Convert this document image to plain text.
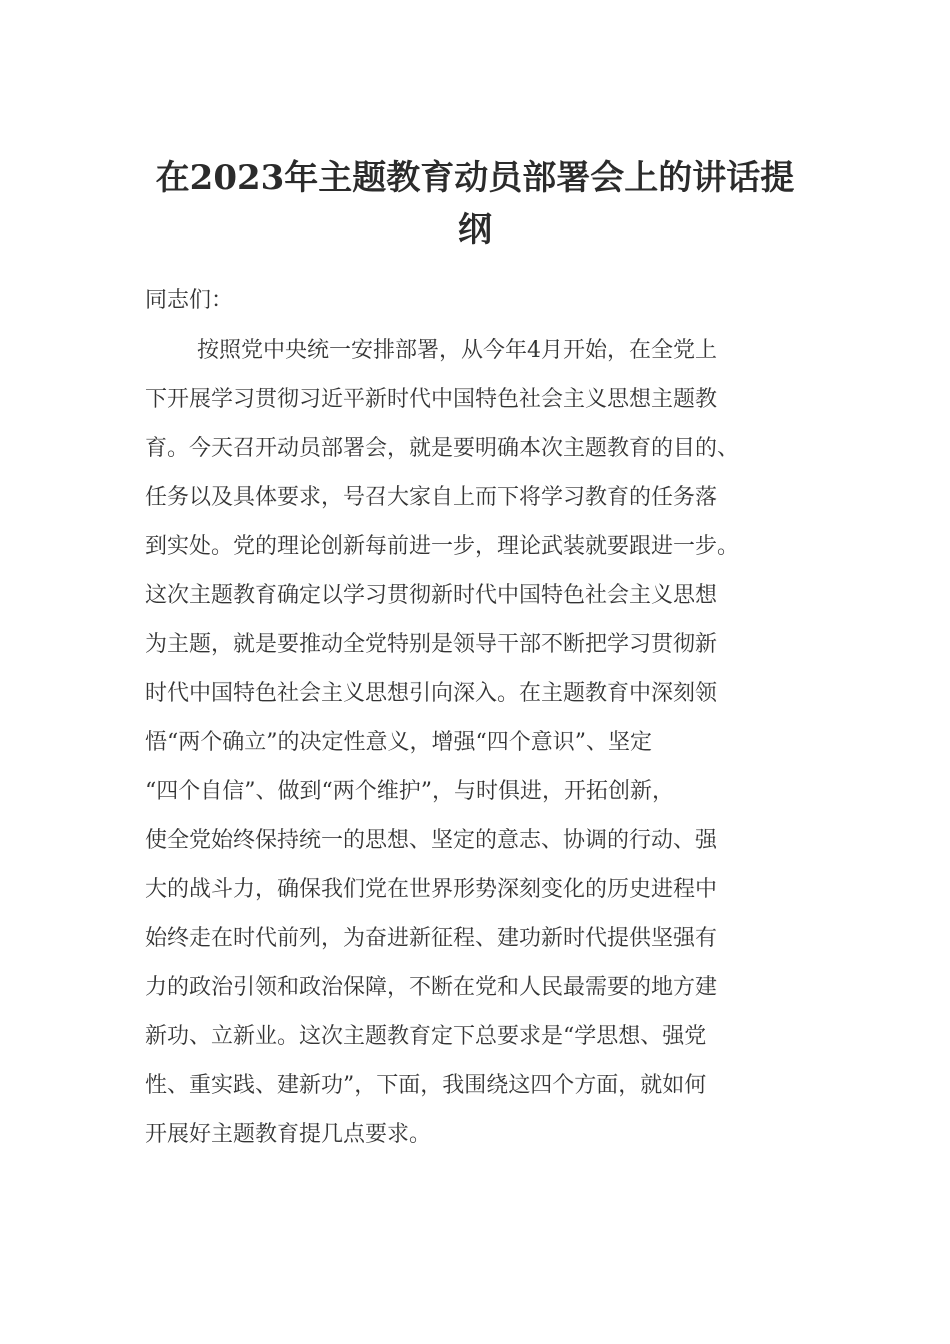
在2023年主题教育动员部署会上的讲话提
纲

同志们：

按照党中央统一安排部署，从今年4月开始，在全党上
下开展学习贯彻习近平新时代中国特色社会主义思想主题教
育。今天召开动员部署会，就是要明确本次主题教育的目的、
任务以及具体要求，号召大家自上而下将学习教育的任务落
到实处。党的理论创新每前进一步，理论武装就要跟进一步。
这次主题教育确定以学习贯彻新时代中国特色社会主义思想
为主题，就是要推动全党特别是领导干部不断把学习贯彻新
时代中国特色社会主义思想引向深入。在主题教育中深刻领
悟“两个确立”的决定性意义，增强“四个意识”、坚定
“四个自信”、做到“两个维护”，与时俱进，开拓创新，
使全党始终保持统一的思想、坚定的意志、协调的行动、强
大的战斗力，确保我们党在世界形势深刻变化的历史进程中
始终走在时代前列，为奋进新征程、建功新时代提供坚强有
力的政治引领和政治保障，不断在党和人民最需要的地方建
新功、立新业。这次主题教育定下总要求是“学思想、强党
性、重实践、建新功”，下面，我围绕这四个方面，就如何
开展好主题教育提几点要求。
